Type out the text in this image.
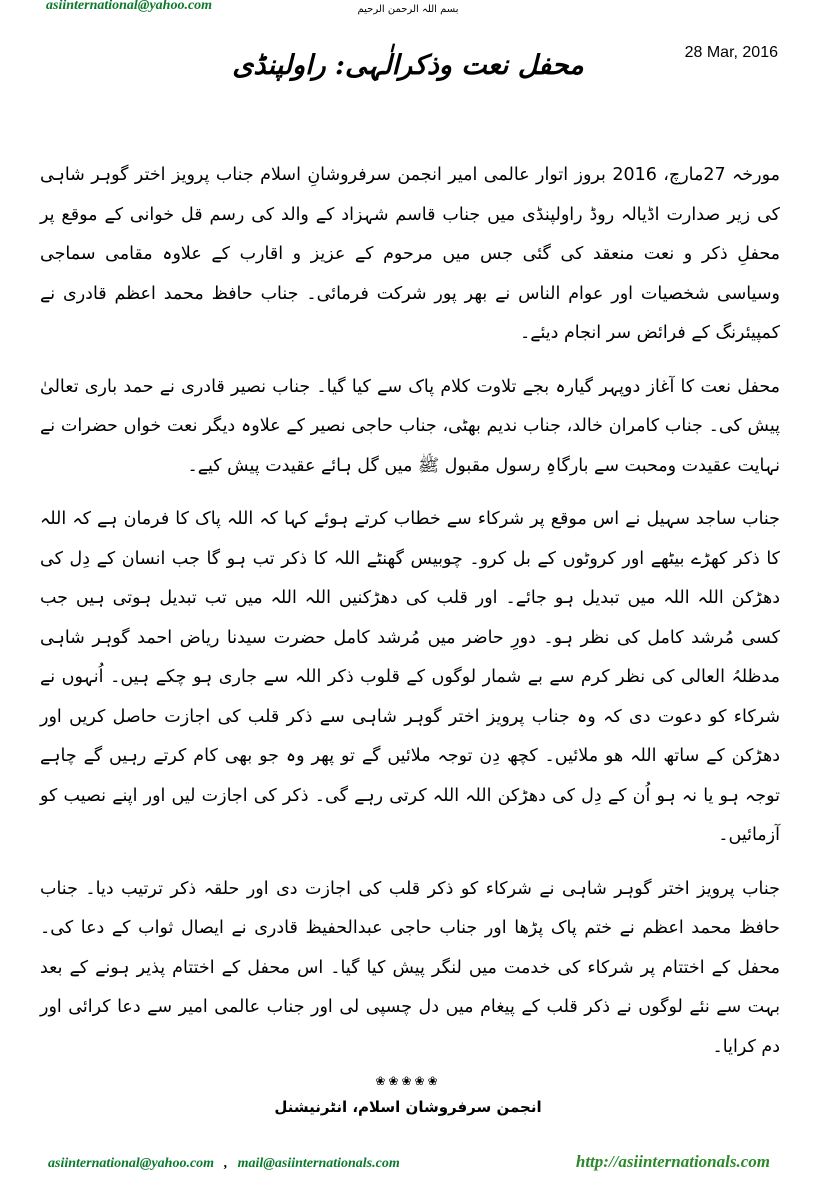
asiinternational@yahoo.com	بسم اللہ الرحمن الرحیم
28 Mar, 2016
محفل نعت وذکرالٰہی: راولپنڈی

مورخہ 27مارچ، 2016 بروز اتوار عالمی امیر انجمن سرفروشانِ اسلام جناب پرویز اختر گوہر شاہی کی زیر صدارت اڈیالہ روڈ راولپنڈی میں جناب قاسم شہزاد کے والد کی رسم قل خوانی کے موقع پر محفلِ ذکر و نعت منعقد کی گئی جس میں مرحوم کے عزیز و اقارب کے علاوہ مقامی سماجی وسیاسی شخصیات اور عوام الناس نے بھر پور شرکت فرمائی۔ جناب حافظ محمد اعظم قادری نے کمپیئرنگ کے فرائض سر انجام دیئے۔

محفل نعت کا آغاز دوپہر گیارہ بجے تلاوت کلام پاک سے کیا گیا۔ جناب نصیر قادری نے حمد باری تعالیٰ پیش کی۔ جناب کامران خالد، جناب ندیم بھٹی، جناب حاجی نصیر کے علاوہ دیگر نعت خواں حضرات نے نہایت عقیدت ومحبت سے بارگاہِ رسول مقبول ﷺ میں گل ہائے عقیدت پیش کیے۔

جناب ساجد سہیل نے اس موقع پر شرکاء سے خطاب کرتے ہوئے کہا کہ اللہ پاک کا فرمان ہے کہ اللہ کا ذکر کھڑے بیٹھے اور کروٹوں کے بل کرو۔ چوبیس گھنٹے اللہ کا ذکر تب ہو گا جب انسان کے دِل کی دھڑکن اللہ اللہ میں تبدیل ہو جائے۔ اور قلب کی دھڑکنیں اللہ اللہ میں تب تبدیل ہوتی ہیں جب کسی مُرشد کامل کی نظر ہو۔ دورِ حاضر میں مُرشد کامل حضرت سیدنا ریاض احمد گوہر شاہی مدظلہُ العالی کی نظر کرم سے بے شمار لوگوں کے قلوب ذکر اللہ سے جاری ہو چکے ہیں۔ اُنہوں نے شرکاء کو دعوت دی کہ وہ جناب پرویز اختر گوہر شاہی سے ذکر قلب کی اجازت حاصل کریں اور دھڑکن کے ساتھ اللہ ھو ملائیں۔ کچھ دِن توجہ ملائیں گے تو پھر وہ جو بھی کام کرتے رہیں گے چاہے توجہ ہو یا نہ ہو اُن کے دِل کی دھڑکن اللہ اللہ کرتی رہے گی۔ ذکر کی اجازت لیں اور اپنے نصیب کو آزمائیں۔

جناب پرویز اختر گوہر شاہی نے شرکاء کو ذکر قلب کی اجازت دی اور حلقہ ذکر ترتیب دیا۔ جناب حافظ محمد اعظم نے ختم پاک پڑھا اور جناب حاجی عبدالحفیظ قادری نے ایصال ثواب کے دعا کی۔ محفل کے اختتام پر شرکاء کی خدمت میں لنگر پیش کیا گیا۔ اس محفل کے اختتام پذیر ہونے کے بعد بہت سے نئے لوگوں نے ذکر قلب کے پیغام میں دل چسپی لی اور جناب عالمی امیر سے دعا کرائی اور دم کرایا۔

❀❀❀❀❀
انجمن سرفروشان اسلام، انٹرنیشنل
asiinternational@yahoo.com , mail@asiinternationals.com	http://asiinternationals.com
